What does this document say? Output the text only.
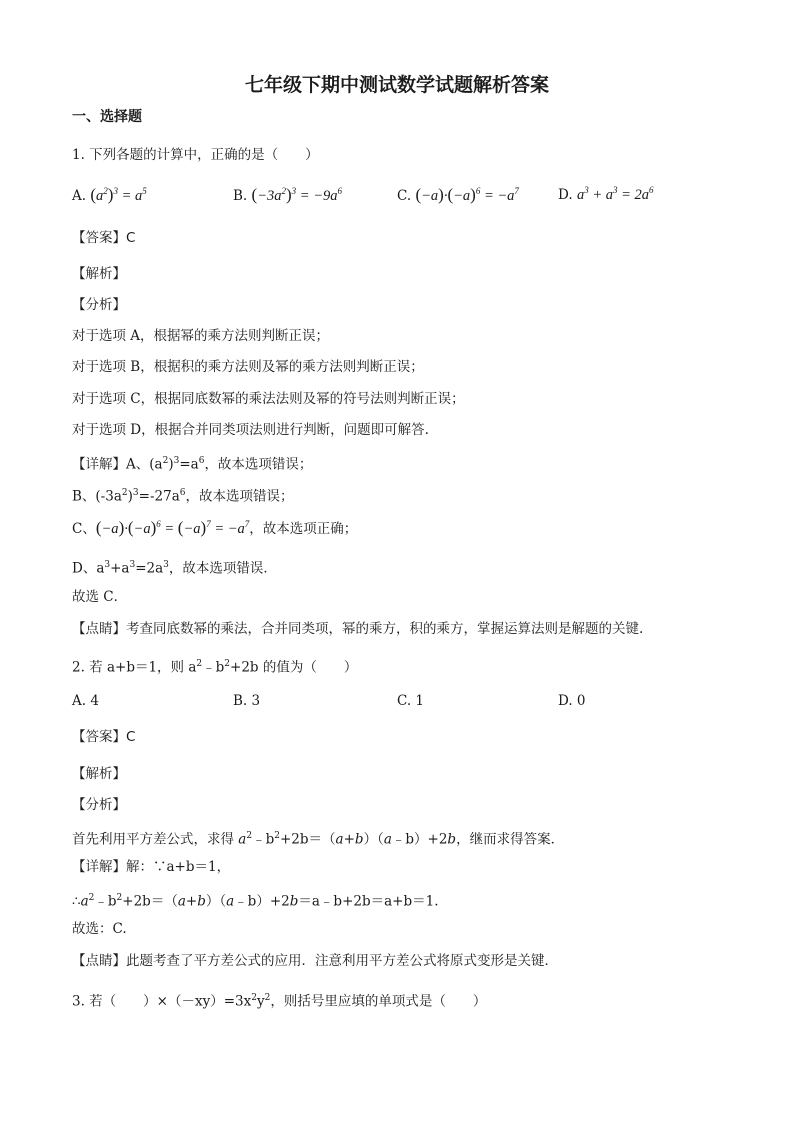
七年级下期中测试数学试题解析答案
一、选择题
1. 下列各题的计算中，正确的是（　　）
A. $(a^2)^3 = a^5$	B. $(-3a^2)^3 = -9a^6$	C. $(-a)\cdot(-a)^6 = -a^7$	D. $a^3 + a^3 = 2a^6$
【答案】C
【解析】
【分析】
对于选项 A，根据幂的乘方法则判断正误；
对于选项 B，根据积的乘方法则及幂的乘方法则判断正误；
对于选项 C，根据同底数幂的乘法法则及幂的符号法则判断正误；
对于选项 D，根据合并同类项法则进行判断，问题即可解答.
【详解】A、$(a^2)^3=a^6$，故本选项错误；
B、$(-3a^2)^3=-27a^6$，故本选项错误；
C、$(-a)\cdot(-a)^6 = (-a)^7 = -a^7$，故本选项正确；
D、$a^3+a^3=2a^3$，故本选项错误．
故选 C．
【点睛】考查同底数幂的乘法，合并同类项，幂的乘方，积的乘方，掌握运算法则是解题的关键.
2. 若 a+b＝1，则 $a^2﹣b^2+2b$ 的值为（　　）
A. 4	B. 3	C. 1	D. 0
【答案】C
【解析】
【分析】
首先利用平方差公式，求得 $a^2﹣b^2+2b=(a+b)(a﹣b)+2b$，继而求得答案．
【详解】解：∵a+b＝1，
$\therefore a^2﹣b^2+2b=(a+b)(a﹣b)+2b=a﹣b+2b=a+b=1$.
故选：C.
【点睛】此题考查了平方差公式的应用．注意利用平方差公式将原式变形是关键．
3. 若（　　）$\times(-xy)=3x^2y^2$，则括号里应填的单项式是（　　）
